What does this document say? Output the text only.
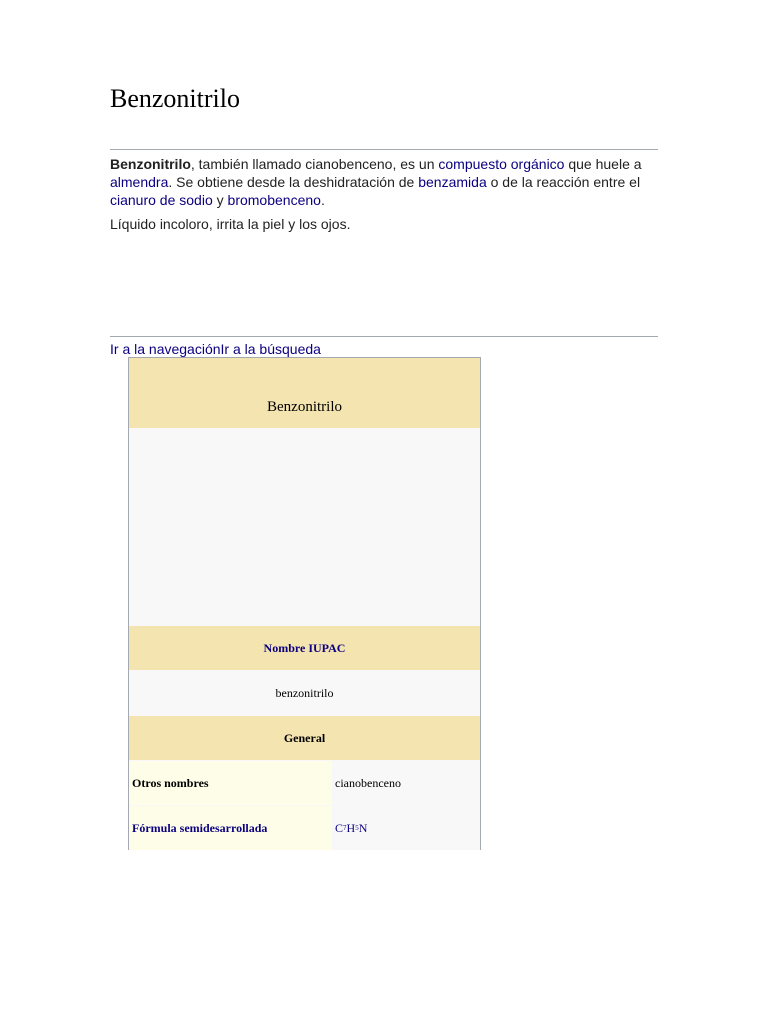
Benzonitrilo

Benzonitrilo, también llamado cianobenceno, es un compuesto orgánico que huele a almendra. Se obtiene desde la deshidratación de benzamida o de la reacción entre el cianuro de sodio y bromobenceno.

Líquido incoloro, irrita la piel y los ojos.

Ir a la navegaciónIr a la búsqueda
Benzonitrilo
Nombre IUPAC
benzonitrilo
General
Otros nombres	cianobenceno
Fórmula semidesarrollada	C 7 H 5 N
